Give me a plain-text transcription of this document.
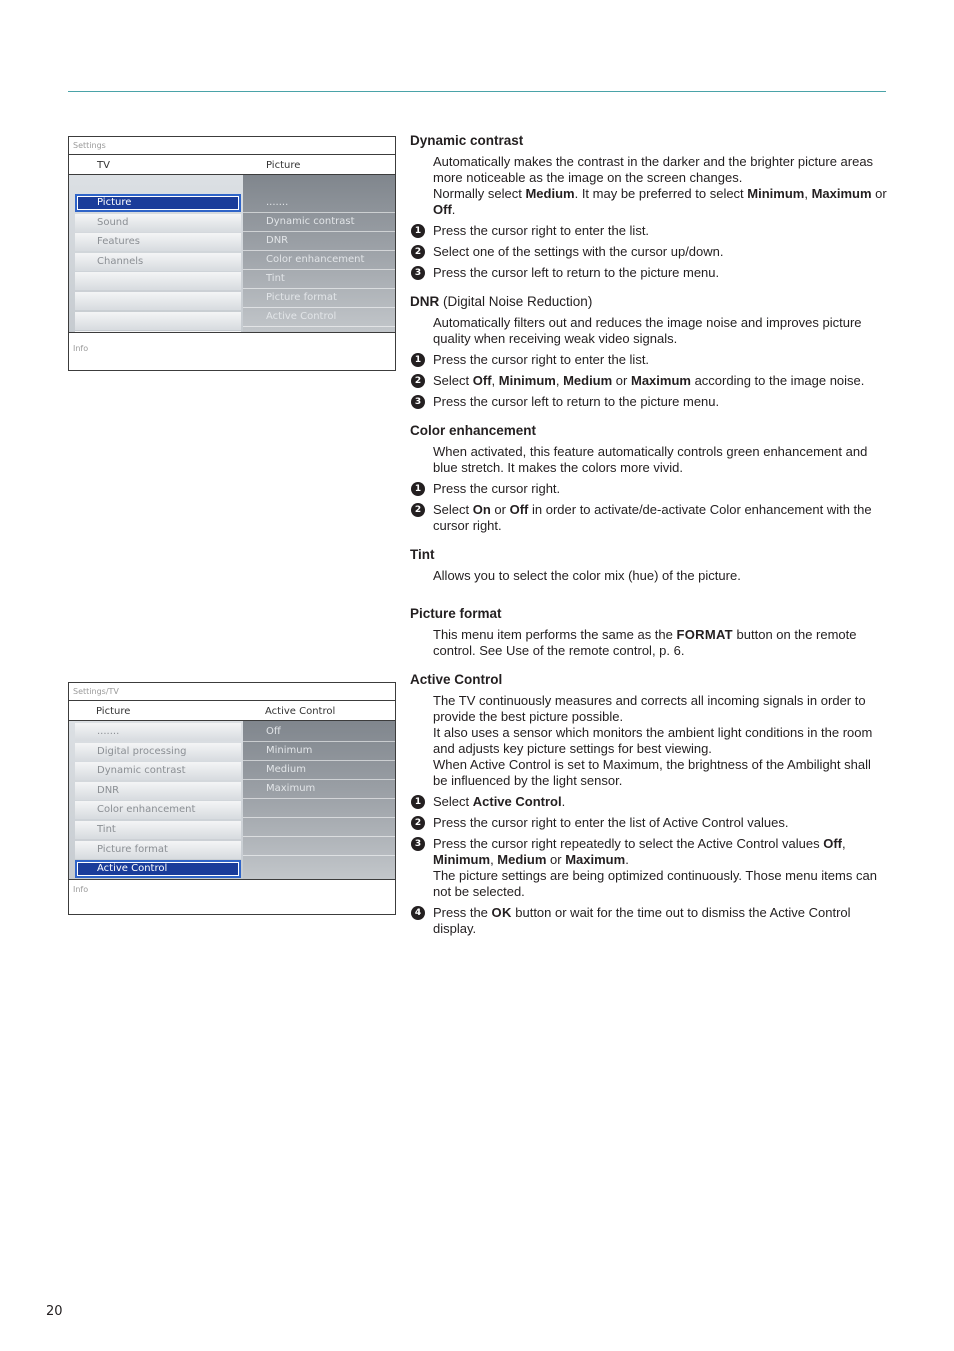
Settings
TV	Picture
Picture
Sound
Features
Channels
.......
Dynamic contrast
DNR
Color enhancement
Tint
Picture format
Active Control
Info
Settings/TV
Picture	Active Control
.......
Digital processing
Dynamic contrast
DNR
Color enhancement
Tint
Picture format
Active Control
Off
Minimum
Medium
Maximum
Info
Dynamic contrast

Automatically makes the contrast in the darker and the brighter picture areas more noticeable as the image on the screen changes.

Normally select Medium. It may be preferred to select Minimum, Maximum or Off.

1 Press the cursor right to enter the list.
2 Select one of the settings with the cursor up/down.
3 Press the cursor left to return to the picture menu.
DNR (Digital Noise Reduction)

Automatically filters out and reduces the image noise and improves picture quality when receiving weak video signals.

1 Press the cursor right to enter the list.
2 Select Off, Minimum, Medium or Maximum according to the image noise.
3 Press the cursor left to return to the picture menu.
Color enhancement

When activated, this feature automatically controls green enhancement and blue stretch. It makes the colors more vivid.

1 Press the cursor right.
2 Select On or Off in order to activate/de-activate Color enhancement with the cursor right.
Tint

Allows you to select the color mix (hue) of the picture.

Picture format

This menu item performs the same as the FORMAT button on the remote control. See Use of the remote control, p. 6.

Active Control

The TV continuously measures and corrects all incoming signals in order to provide the best picture possible.

It also uses a sensor which monitors the ambient light conditions in the room and adjusts key picture settings for best viewing.

When Active Control is set to Maximum, the brightness of the Ambilight shall be influenced by the light sensor.

1 Select Active Control.
2 Press the cursor right to enter the list of Active Control values.
3 Press the cursor right repeatedly to select the Active Control values Off, Minimum, Medium or Maximum.
The picture settings are being optimized continuously. Those menu items can not be selected.
4 Press the OK button or wait for the time out to dismiss the Active Control display.
20
